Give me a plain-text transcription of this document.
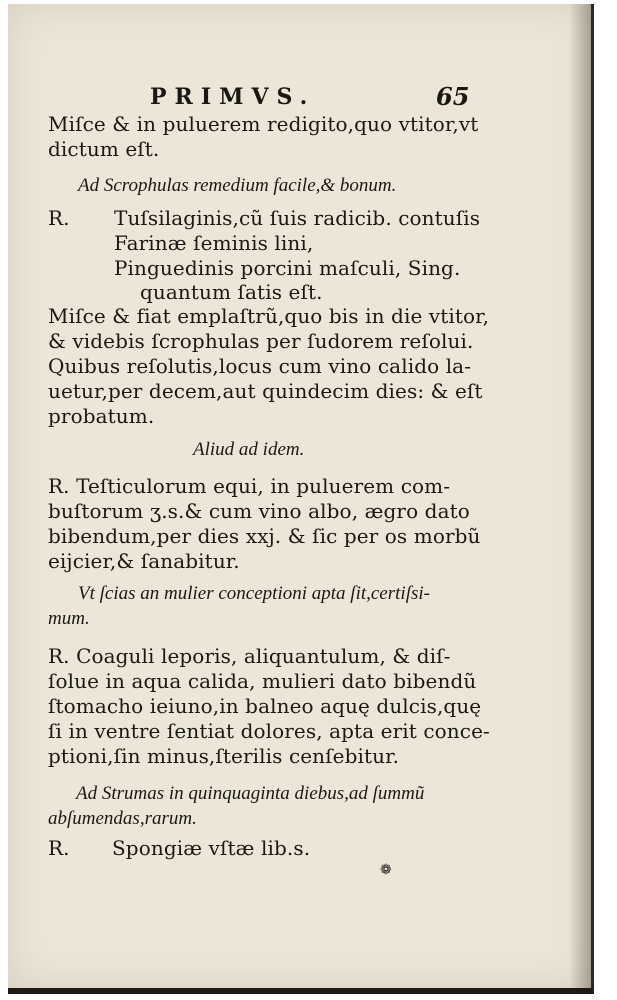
PRIMVS.	65
Miſce & in puluerem redigito,quo vtitor,vt
dictum eſt.
Ad Scrophulas remedium facile,& bonum.
R. Tuſsilaginis,cũ ſuis radicib. contuſis
Farinæ ſeminis lini,
Pinguedinis porcini maſculi, Sing.
quantum ſatis eſt.
Miſce & fiat emplaſtrũ,quo bis in die vtitor,
& videbis ſcrophulas per ſudorem reſolui.
Quibus reſolutis,locus cum vino calido la-
uetur,per decem,aut quindecim dies: & eſt
probatum.
Aliud ad idem.
R. Teſticulorum equi, in puluerem com-
buſtorum ʒ.s.& cum vino albo, ægro dato
bibendum,per dies xxj. & ſic per os morbũ
eijcier,& ſanabitur.
Vt ſcias an mulier conceptioni apta ſit,certiſsi-
mum.
R. Coaguli leporis, aliquantulum, & diſ-
ſolue in aqua calida, mulieri dato bibendũ
ſtomacho ieiuno,in balneo aquę dulcis,quę
ſi in ventre ſentiat dolores, apta erit conce-
ptioni,ſin minus,ſterilis cenſebitur.
Ad Strumas in quinquaginta diebus,ad ſummũ
abſumendas,rarum.
R. Spongiæ vſtæ lib.s.
❁
